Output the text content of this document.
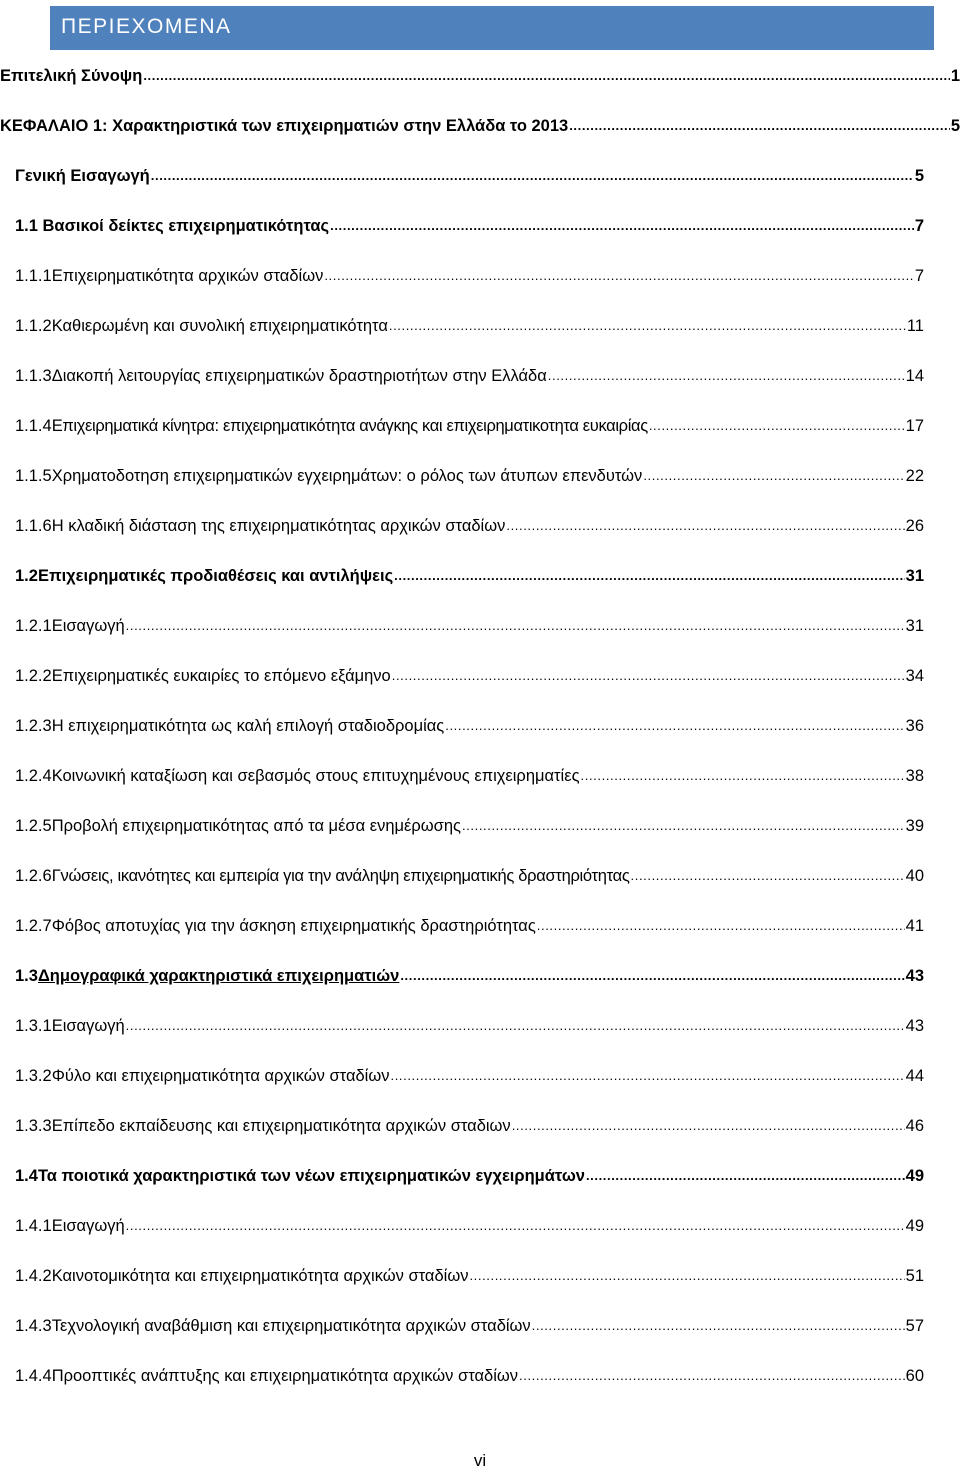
ΠΕΡΙΕΧΟΜΕΝΑ
Επιτελική Σύνοψη .....	1
ΚΕΦΑΛΑΙΟ 1: Χαρακτηριστικά των επιχειρηματιών στην Ελλάδα το 2013 .....	5
Γενική Εισαγωγή .....	5
1.1 Βασικοί δείκτες επιχειρηματικότητας .....	7
1.1.1 Επιχειρηματικότητα αρχικών σταδίων .....	7
1.1.2 Καθιερωμένη και συνολική επιχειρηματικότητα .....	11
1.1.3 Διακοπή λειτουργίας επιχειρηματικών δραστηριοτήτων στην Ελλάδα .....	14
1.1.4 Επιχειρηματικά κίνητρα: επιχειρηματικότητα ανάγκης και επιχειρηματικοτητα ευκαιρίας .....	17
1.1.5 Χρηματοδοτηση επιχειρηματικών εγχειρημάτων: ο ρόλος των άτυπων επενδυτών .....	22
1.1.6 Η κλαδική διάσταση της επιχειρηματικότητας αρχικών σταδίων .....	26
1.2 Επιχειρηματικές προδιαθέσεις και αντιλήψεις .....	31
1.2.1 Εισαγωγή .....	31
1.2.2 Επιχειρηματικές ευκαιρίες το επόμενο εξάμηνο .....	34
1.2.3 Η επιχειρηματικότητα ως καλή επιλογή σταδιοδρομίας .....	36
1.2.4 Κοινωνική καταξίωση και σεβασμός στους επιτυχημένους επιχειρηματίες .....	38
1.2.5 Προβολή επιχειρηματικότητας από τα μέσα ενημέρωσης .....	39
1.2.6 Γνώσεις, ικανότητες και εμπειρία για την ανάληψη επιχειρηματικής δραστηριότητας .....	40
1.2.7 Φόβος αποτυχίας για την άσκηση επιχειρηματικής δραστηριότητας .....	41
1.3 Δημογραφικά χαρακτηριστικά επιχειρηματιών .....	43
1.3.1 Εισαγωγή .....	43
1.3.2 Φύλο και επιχειρηματικότητα αρχικών σταδίων .....	44
1.3.3 Επίπεδο εκπαίδευσης και επιχειρηματικότητα αρχικών σταδιων .....	46
1.4 Τα ποιοτικά χαρακτηριστικά των νέων επιχειρηματικών εγχειρημάτων .....	49
1.4.1 Εισαγωγή .....	49
1.4.2 Καινοτομικότητα και επιχειρηματικότητα αρχικών σταδίων .....	51
1.4.3 Τεχνολογική αναβάθμιση και επιχειρηματικότητα αρχικών σταδίων .....	57
1.4.4 Προοπτικές ανάπτυξης και επιχειρηματικότητα αρχικών σταδίων .....	60
vi
